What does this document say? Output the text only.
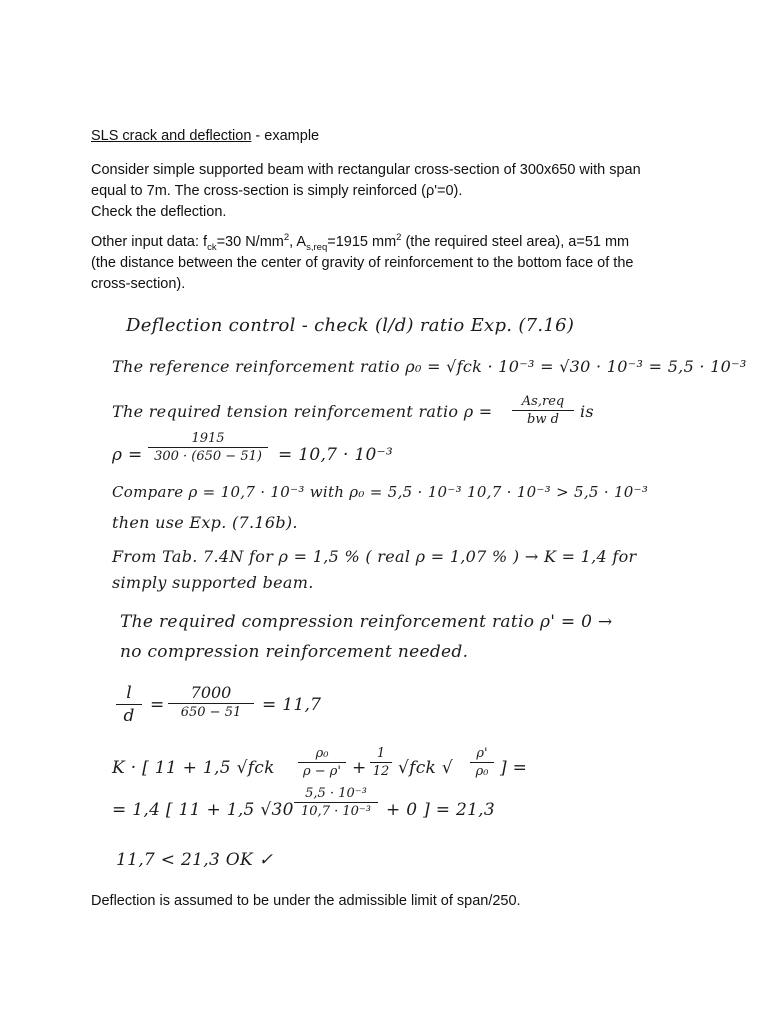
SLS crack and deflection - example

Consider simple supported beam with rectangular cross-section of 300x650 with span
equal to 7m. The cross-section is simply reinforced (ρ'=0).
Check the deflection.

Other input data: $f_{ck}=30$ $N/mm^2$, $A_{s,req}=1915$ $mm^2$ (the required steel area), a=51 mm
(the distance between the center of gravity of reinforcement to the bottom face of the
cross-section).

Deflection control - check (l/d) ratio Exp. (7.16)

The reference reinforcement ratio ρ₀ = √fck · 10⁻³ = √30 · 10⁻³ = 5,5 · 10⁻³

The required tension reinforcement ratio ρ =

As,req
bw d	is

$\rho = \frac{1915}{300 \cdot (650 - 51)} = 10,7 \cdot 10^{-3}$

Compare ρ = 10,7 · 10⁻³ with ρ₀ = 5,5 · 10⁻³ 10,7 · 10⁻³ > 5,5 · 10⁻³

then use Exp. (7.16b).

From Tab. 7.4N for ρ = 1,5 % ( real ρ = 1,07 % ) → K = 1,4 for

simply supported beam.

The required compression reinforcement ratio ρ' = 0 →

no compression reinforcement needed.

$\frac{l}{d}$ =

7000
650 − 51	= 11,7

K · [ 11 + 1,5 $√fck \frac{\text{ρ₀}}{\rho - \rho'} + \frac{1}{12} √fck$ √ $\frac{\rho'}{\text{ρ₀}}$ ] =

= 1,4 [ 11 + 1,5 $√30 \frac{\text{5,5 · 10⁻³}}{\text{10,7 · 10⁻³}} + 0$ ] = 21,3

11,7 < 21,3 OK ✓

Deflection is assumed to be under the admissible limit of span/250.
